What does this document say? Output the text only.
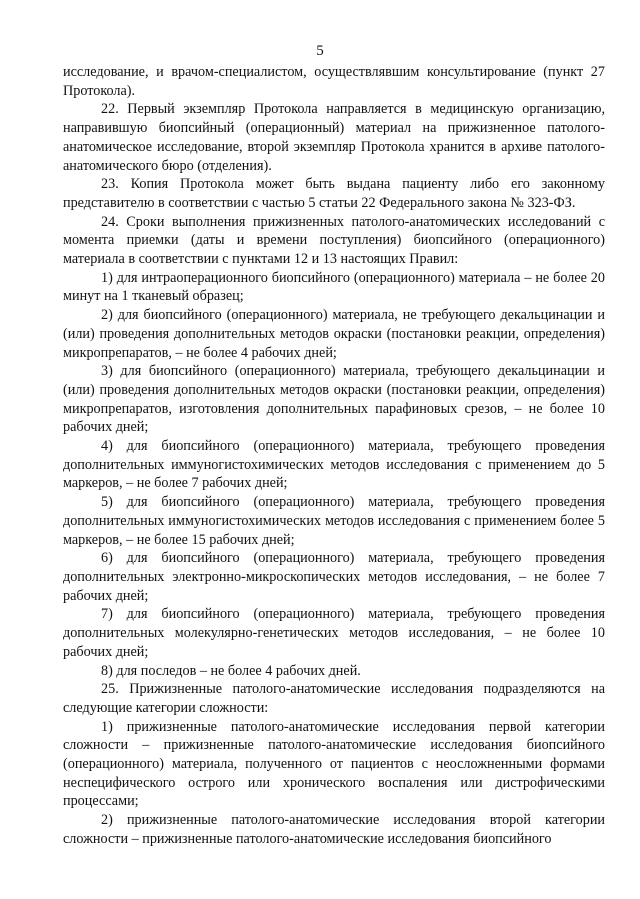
5

исследование, и врачом-специалистом, осуществлявшим консультирование (пункт 27 Протокола).

22. Первый экземпляр Протокола направляется в медицинскую организацию, направившую биопсийный (операционный) материал на прижизненное патолого-анатомическое исследование, второй экземпляр Протокола хранится в архиве патолого-анатомического бюро (отделения).

23. Копия Протокола может быть выдана пациенту либо его законному представителю в соответствии с частью 5 статьи 22 Федерального закона № 323-ФЗ.

24. Сроки выполнения прижизненных патолого-анатомических исследований с момента приемки (даты и времени поступления) биопсийного (операционного) материала в соответствии с пунктами 12 и 13 настоящих Правил:

1) для интраоперационного биопсийного (операционного) материала – не более 20 минут на 1 тканевый образец;

2) для биопсийного (операционного) материала, не требующего декальцинации и (или) проведения дополнительных методов окраски (постановки реакции, определения) микропрепаратов, – не более 4 рабочих дней;

3) для биопсийного (операционного) материала, требующего декальцинации и (или) проведения дополнительных методов окраски (постановки реакции, определения) микропрепаратов, изготовления дополнительных парафиновых срезов, – не более 10 рабочих дней;

4) для биопсийного (операционного) материала, требующего проведения дополнительных иммуногистохимических методов исследования с применением до 5 маркеров, – не более 7 рабочих дней;

5) для биопсийного (операционного) материала, требующего проведения дополнительных иммуногистохимических методов исследования с применением более 5 маркеров, – не более 15 рабочих дней;

6) для биопсийного (операционного) материала, требующего проведения дополнительных электронно-микроскопических методов исследования, – не более 7 рабочих дней;

7) для биопсийного (операционного) материала, требующего проведения дополнительных молекулярно-генетических методов исследования, – не более 10 рабочих дней;

8) для последов – не более 4 рабочих дней.

25. Прижизненные патолого-анатомические исследования подразделяются на следующие категории сложности:

1) прижизненные патолого-анатомические исследования первой категории сложности – прижизненные патолого-анатомические исследования биопсийного (операционного) материала, полученного от пациентов с неосложненными формами неспецифического острого или хронического воспаления или дистрофическими процессами;

2) прижизненные патолого-анатомические исследования второй категории сложности – прижизненные патолого-анатомические исследования биопсийного
